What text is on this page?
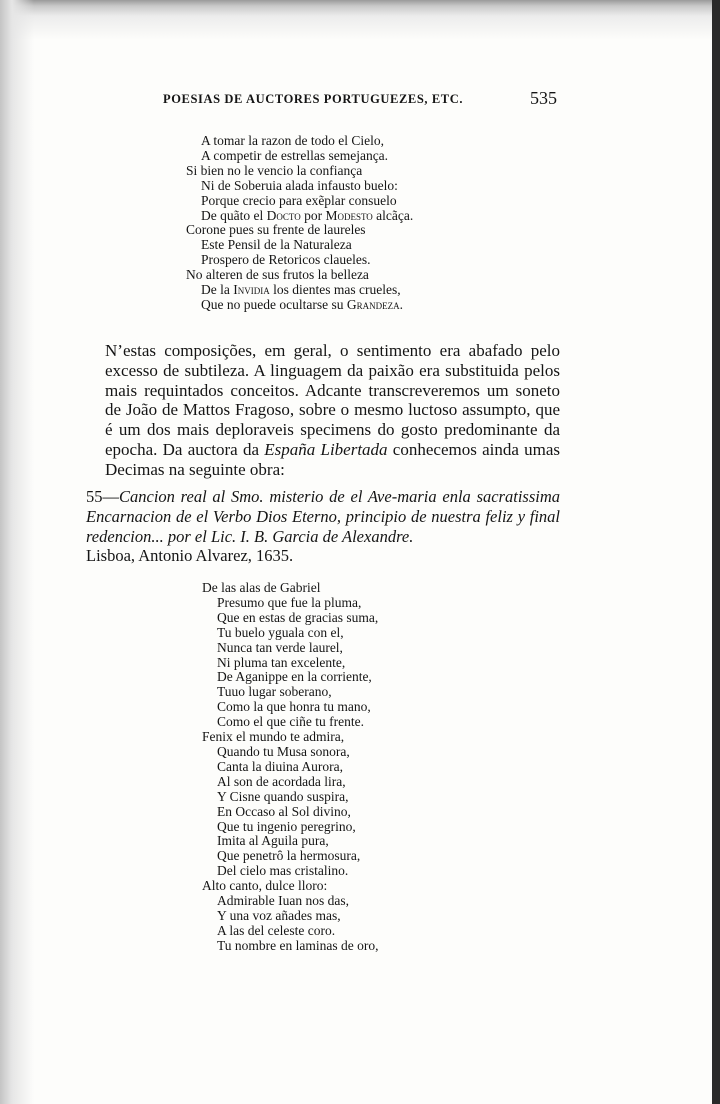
POESIAS DE AUCTORES PORTUGUEZES, ETC.	535
A tomar la razon de todo el Cielo,
A competir de estrellas semejança.
Si bien no le vencio la confiança
Ni de Soberuia alada infausto buelo:
Porque crecio para exẽplar consuelo
De quãto el Docto por Modesto alcãça.
Corone pues su frente de laureles
Este Pensil de la Naturaleza
Prospero de Retoricos claueles.
No alteren de sus frutos la belleza
De la Invidia los dientes mas crueles,
Que no puede ocultarse su Grandeza.

N’estas composições, em geral, o sentimento era abafado pelo excesso de subtileza. A linguagem da paixão era substituida pelos mais requintados conceitos. Adcante transcreveremos um soneto de João de Mattos Fragoso, sobre o mesmo luctoso assumpto, que é um dos mais deploraveis specimens do gosto predominante da epocha. Da auctora da España Libertada conhecemos ainda umas Decimas na seguinte obra:

55—Cancion real al Smo. misterio de el Ave-maria enla sacratissima Encarnacion de el Verbo Dios Eterno, principio de nuestra feliz y final redencion... por el Lic. I. B. Garcia de Alexandre.

Lisboa, Antonio Alvarez, 1635.

De las alas de Gabriel
Presumo que fue la pluma,
Que en estas de gracias suma,
Tu buelo yguala con el,
Nunca tan verde laurel,
Ni pluma tan excelente,
De Aganippe en la corriente,
Tuuo lugar soberano,
Como la que honra tu mano,
Como el que ciñe tu frente.
Fenix el mundo te admira,
Quando tu Musa sonora,
Canta la diuina Aurora,
Al son de acordada lira,
Y Cisne quando suspira,
En Occaso al Sol divino,
Que tu ingenio peregrino,
Imita al Aguila pura,
Que penetrȏ la hermosura,
Del cielo mas cristalino.
Alto canto, dulce lloro:
Admirable Iuan nos das,
Y una voz añades mas,
A las del celeste coro.
Tu nombre en laminas de oro,
